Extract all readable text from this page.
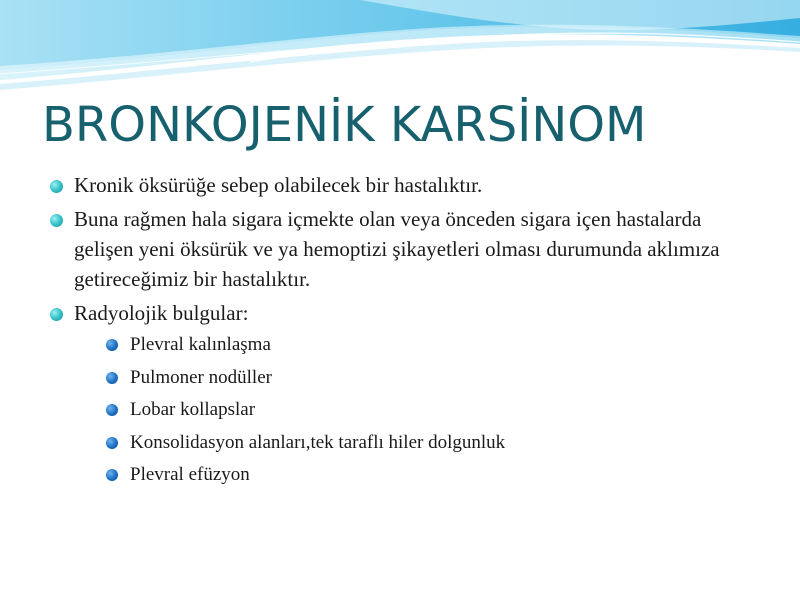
BRONKOJENİK KARSİNOM
Kronik öksürüğe sebep olabilecek bir hastalıktır.
Buna rağmen hala sigara içmekte olan veya önceden sigara içen hastalarda gelişen yeni öksürük ve ya hemoptizi şikayetleri olması durumunda aklımıza getireceğimiz bir hastalıktır.
Radyolojik bulgular:
Plevral kalınlaşma
Pulmoner nodüller
Lobar kollapslar
Konsolidasyon alanları,tek taraflı hiler dolgunluk
Plevral efüzyon
